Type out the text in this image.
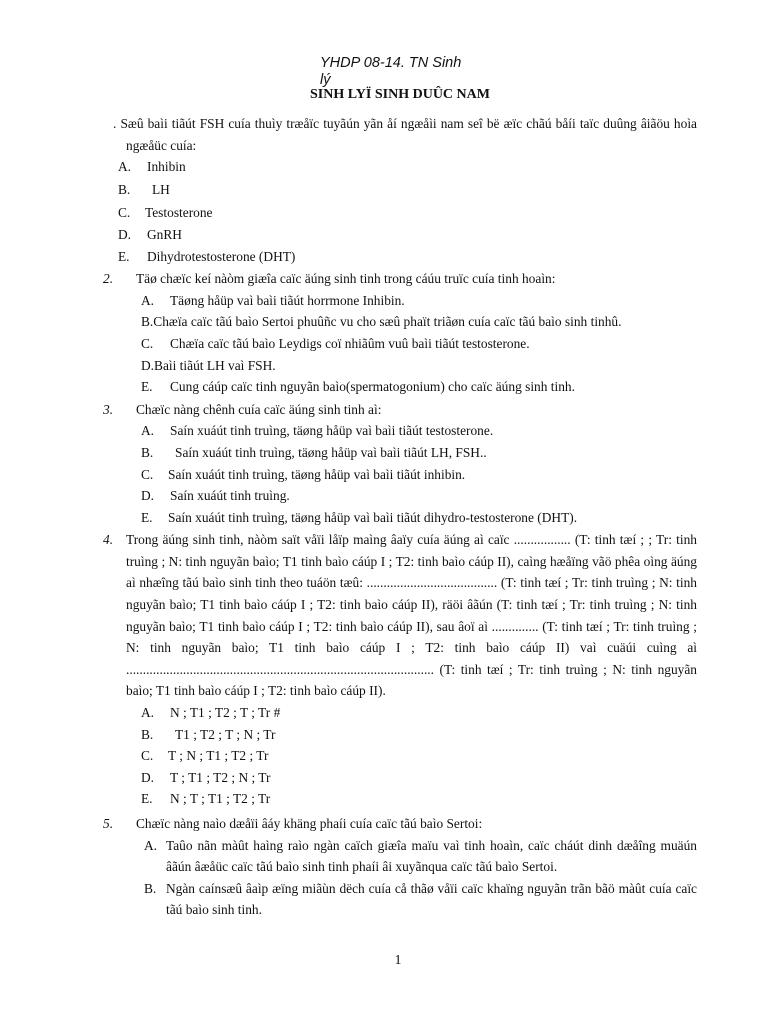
YHDP 08-14. TN Sinh
lý
SINH LYÏ SINH DUÛC NAM
. Sæû baìi tiãút FSH cuía thuìy træåïc tuyãún yãn åí ngæåìi nam seî bë æïc chãú båíi taïc duûng âiãöu hoìa ngæåüc cuía:
A.	Inhibin
B.	LH
C.	Testosterone
D.	GnRH
E.	Dihydrotestosterone (DHT)
2.	Täø chæïc keí nàòm giæîa caïc äúng sinh tinh trong cáúu truïc cuía tinh hoaìn:
A.	Täøng håüp vaì baìi tiãút horrmone Inhibin.
B.Chæïa caïc tãú baìo Sertoi phuûñc vu cho sæû phaït triãøn cuía caïc tãú baìo sinh tinhû.
C.	Chæïa caïc tãú baìo Leydigs coï nhiãûm vuû baìi tiãút testosterone.
D.Baìi tiãút LH vaì FSH.
E.	Cung cáúp caïc tinh nguyãn baìo(spermatogonium) cho caïc äúng sinh tinh.
3.	Chæïc nàng chênh cuía caïc äúng sinh tinh aì:
A.	Saín xuáút tinh truìng, täøng håüp vaì baìi tiãút testosterone.
B.	Saín xuáút tinh truìng, täøng håüp vaì baìi tiãút LH, FSH..
C.	Saín xuáút tinh truìng, täøng håüp vaì baìi tiãút inhibin.
D.	Saín xuáút tinh truìng.
E.	Saín xuáút tinh truìng, täøng håüp vaì baìi tiãút dihydro-testosterone (DHT).
4. Trong äúng sinh tinh, nàòm saït våïi låïp maìng âaïy cuía äúng aì caïc ................. (T: tinh tæí ; ; Tr: tinh truìng ; N: tinh nguyãn baìo; T1 tinh baìo cáúp I ; T2: tinh baìo cáúp II), caìng hæåïng vãö phêa oìng äúng aì nhæîng tãú baìo sinh tinh theo tuáön tæû: ....................................... (T: tinh tæí ; Tr: tinh truìng ; N: tinh nguyãn baìo; T1 tinh baìo cáúp I ; T2: tinh baìo cáúp II), räöi âãún (T: tinh tæí ; Tr: tinh truìng ; N: tinh nguyãn baìo; T1 tinh baìo cáúp I ; T2: tinh baìo cáúp II), sau âoï aì .............. (T: tinh tæí ; Tr: tinh truìng ; N: tinh nguyãn baìo; T1 tinh baìo cáúp I ; T2: tinh baìo cáúp II) vaì cuäúi cuìng aì ............................................................................................ (T: tinh tæí ; Tr: tinh truìng ; N: tinh nguyãn baìo; T1 tinh baìo cáúp I ; T2: tinh baìo cáúp II).
A.	N ; T1 ; T2 ; T ; Tr #
B.	T1 ; T2 ; T ; N ; Tr
C.	T ; N ; T1 ; T2 ; Tr
D.	T ; T1 ; T2 ; N ; Tr
E.	N ; T ; T1 ; T2 ; Tr
5.	Chæïc nàng naìo dæåïi âáy khäng phaíi cuía caïc tãú baìo Sertoi:
A. Taûo nãn màût haìng raìo ngàn caïch giæîa maïu vaì tinh hoaìn, caïc cháút dinh dæåîng muäún âãún âæåüc caïc tãú baìo sinh tinh phaíi âi xuyãnqua caïc tãú baìo Sertoi.
B. Ngàn caínsæû âaìp æïng miãùn dëch cuía cå thãø våïi caïc khaïng nguyãn trãn bãö màût cuía caïc tãú baìo sinh tinh.
1
